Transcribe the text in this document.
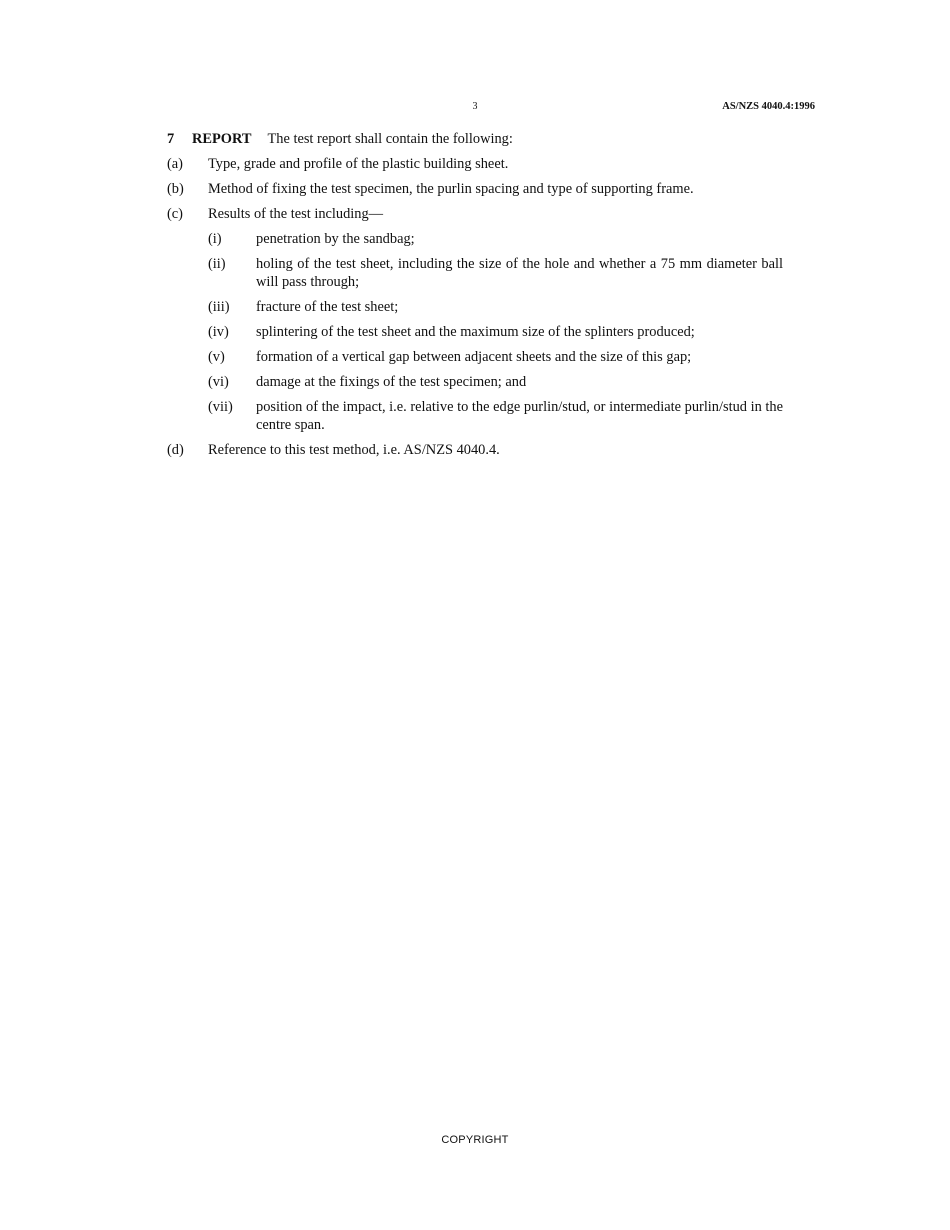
3	AS/NZS 4040.4:1996
7 REPORT The test report shall contain the following:
(a)	Type, grade and profile of the plastic building sheet.
(b)	Method of fixing the test specimen, the purlin spacing and type of supporting frame.
(c)	Results of the test including—
(i)	penetration by the sandbag;
(ii)	holing of the test sheet, including the size of the hole and whether a 75 mm diameter ball will pass through;
(iii)	fracture of the test sheet;
(iv)	splintering of the test sheet and the maximum size of the splinters produced;
(v)	formation of a vertical gap between adjacent sheets and the size of this gap;
(vi)	damage at the fixings of the test specimen; and
(vii)	position of the impact, i.e. relative to the edge purlin/stud, or intermediate purlin/stud in the centre span.
(d)	Reference to this test method, i.e. AS/NZS 4040.4.
COPYRIGHT
